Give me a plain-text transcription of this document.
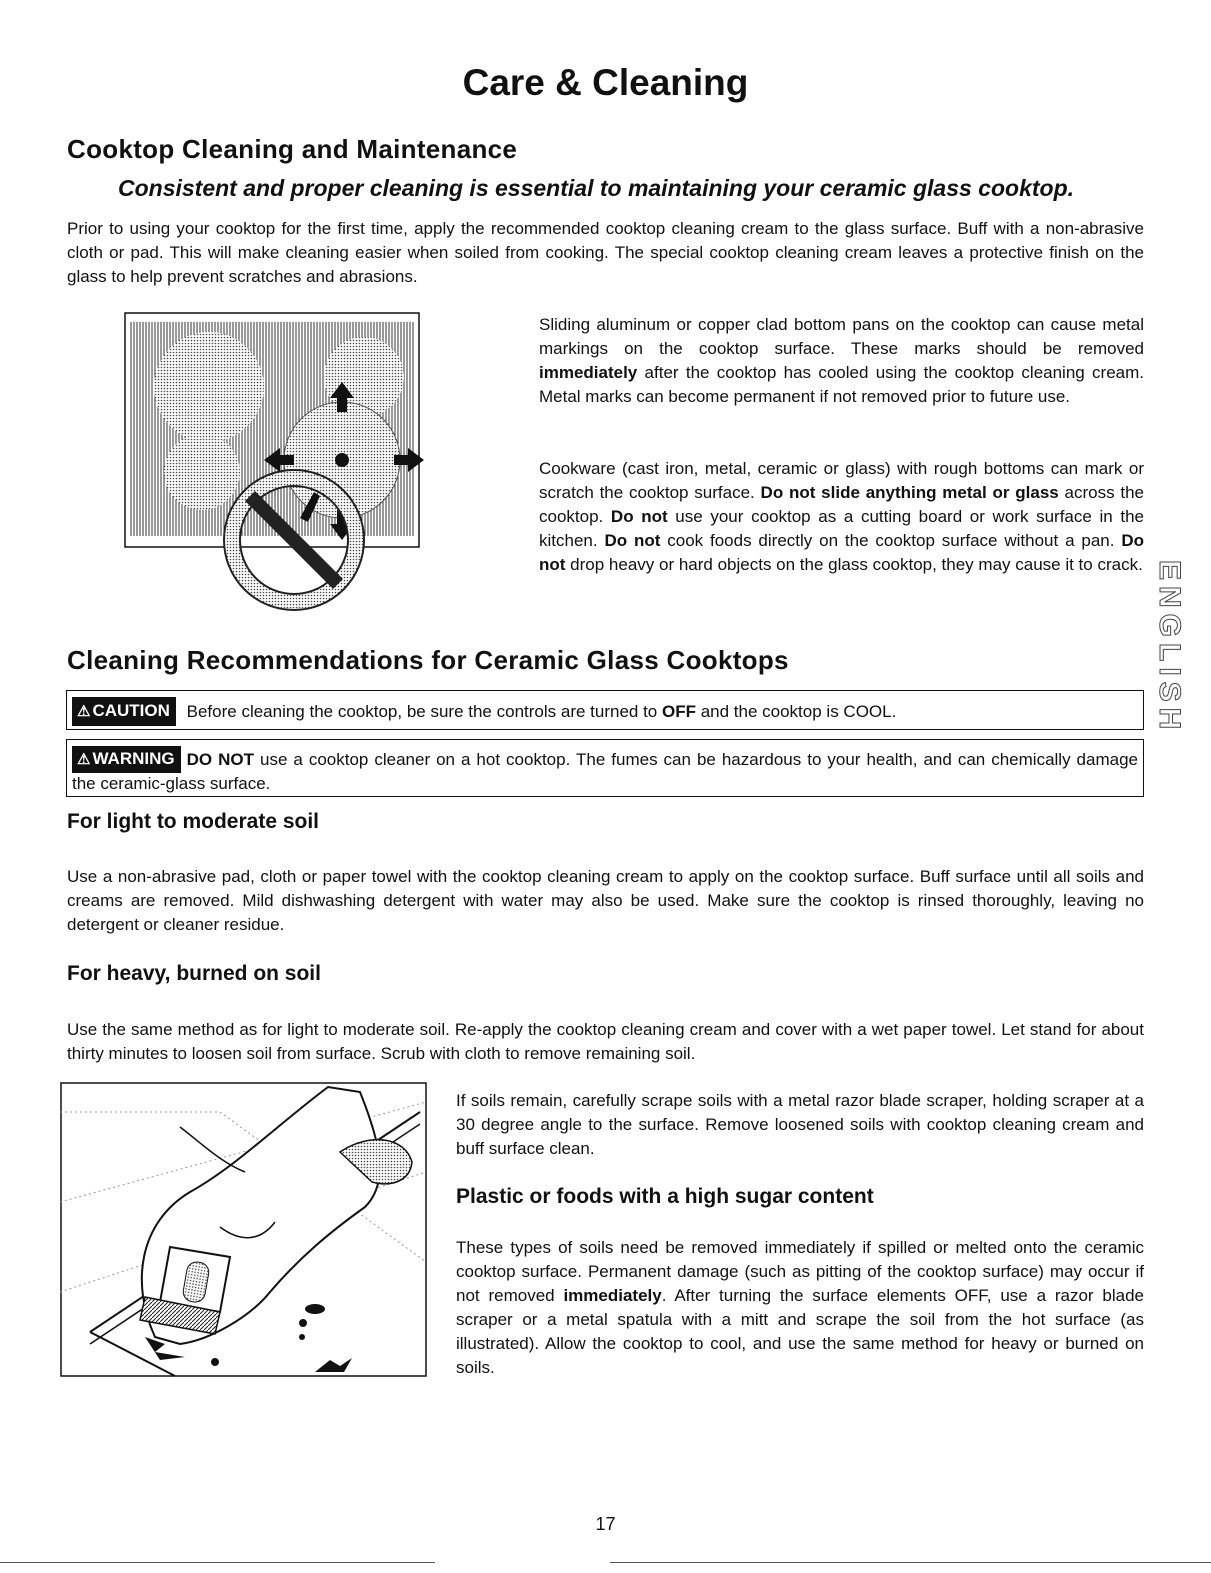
Care & Cleaning
Cooktop Cleaning and Maintenance

Consistent and proper cleaning is essential to maintaining your ceramic glass cooktop.

Prior to using your cooktop for the first time, apply the recommended cooktop cleaning cream to the glass surface. Buff with a non-abrasive cloth or pad. This will make cleaning easier when soiled from cooking. The special cooktop cleaning cream leaves a protective finish on the glass to help prevent scratches and abrasions.

Sliding aluminum or copper clad bottom pans on the cooktop can cause metal markings on the cooktop surface. These marks should be removed immediately after the cooktop has cooled using the cooktop cleaning cream. Metal marks can become permanent if not removed prior to future use.

Cookware (cast iron, metal, ceramic or glass) with rough bottoms can mark or scratch the cooktop surface. Do not slide anything metal or glass across the cooktop. Do not use your cooktop as a cutting board or work surface in the kitchen. Do not cook foods directly on the cooktop surface without a pan. Do not drop heavy or hard objects on the glass cooktop, they may cause it to crack. ENGLISH
Cleaning Recommendations for Ceramic Glass Cooktops
⚠ CAUTION Before cleaning the cooktop, be sure the controls are turned to OFF and the cooktop is COOL.
⚠ WARNING DO NOT use a cooktop cleaner on a hot cooktop. The fumes can be hazardous to your health, and can chemically damage the ceramic-glass surface.
For light to moderate soil

Use a non-abrasive pad, cloth or paper towel with the cooktop cleaning cream to apply on the cooktop surface. Buff surface until all soils and creams are removed. Mild dishwashing detergent with water may also be used. Make sure the cooktop is rinsed thoroughly, leaving no detergent or cleaner residue.

For heavy, burned on soil

Use the same method as for light to moderate soil. Re-apply the cooktop cleaning cream and cover with a wet paper towel. Let stand for about thirty minutes to loosen soil from surface. Scrub with cloth to remove remaining soil.

If soils remain, carefully scrape soils with a metal razor blade scraper, holding scraper at a 30 degree angle to the surface. Remove loosened soils with cooktop cleaning cream and buff surface clean.

Plastic or foods with a high sugar content

These types of soils need be removed immediately if spilled or melted onto the ceramic cooktop surface. Permanent damage (such as pitting of the cooktop surface) may occur if not removed immediately. After turning the surface elements OFF, use a razor blade scraper or a metal spatula with a mitt and scrape the soil from the hot surface (as illustrated). Allow the cooktop to cool, and use the same method for heavy or burned on soils.

17
